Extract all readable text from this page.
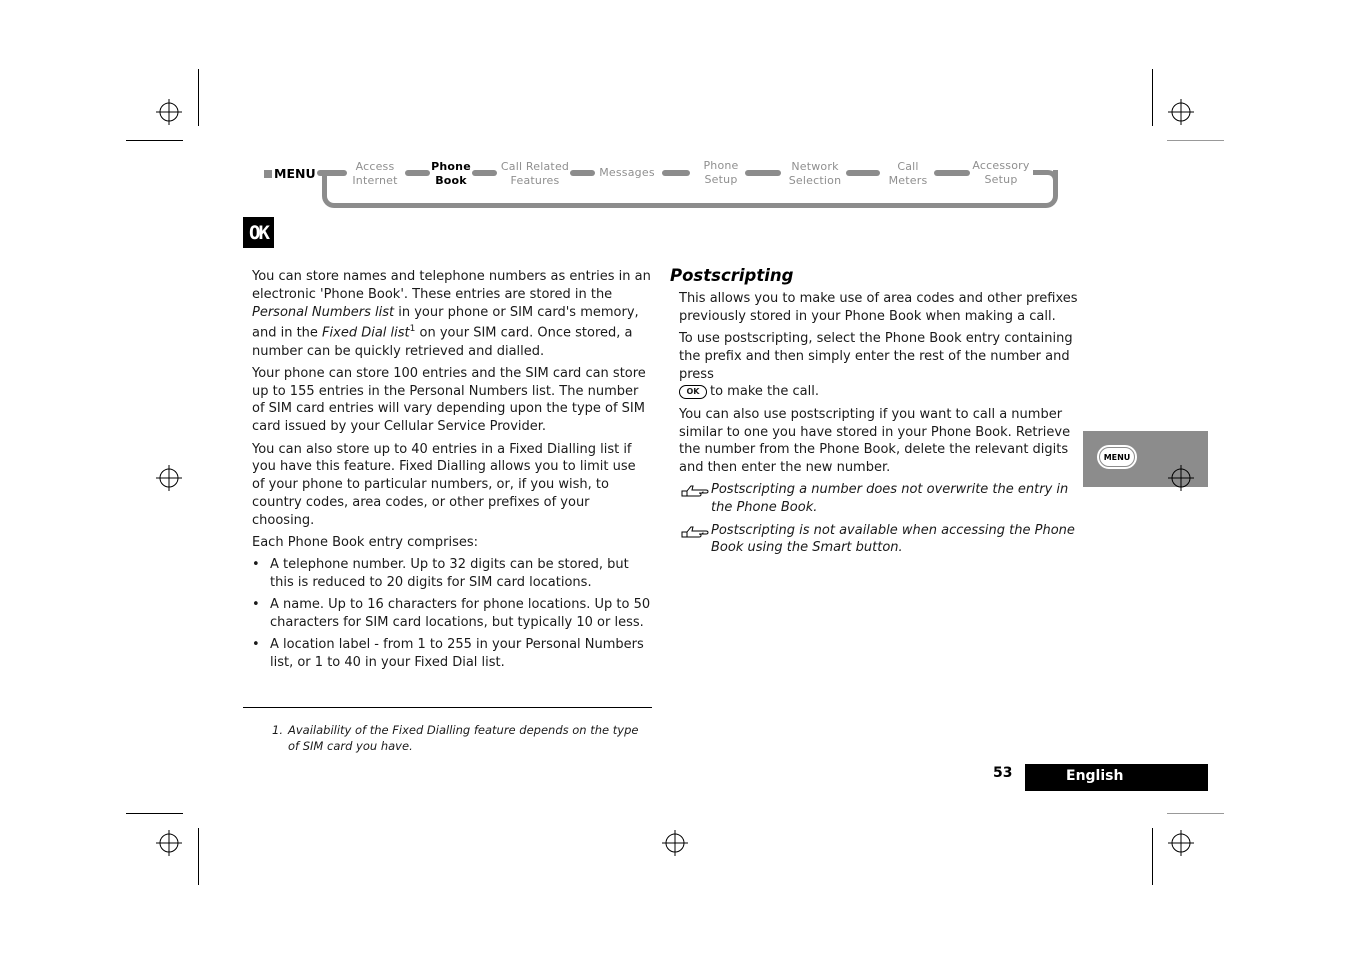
MENU	Access
Internet
Phone
Book
Call Related
Features
Messages
Phone
Setup
Network
Selection
Call
Meters
Accessory
Setup
OK

You can store names and telephone numbers as entries in an electronic 'Phone Book'. These entries are stored in the Personal Numbers list in your phone or SIM card's memory, and in the Fixed Dial list$^1$ on your SIM card. Once stored, a number can be quickly retrieved and dialled.

Your phone can store 100 entries and the SIM card can store up to 155 entries in the Personal Numbers list. The number of SIM card entries will vary depending upon the type of SIM card issued by your Cellular Service Provider.

You can also store up to 40 entries in a Fixed Dialling list if you have this feature. Fixed Dialling allows you to limit use of your phone to particular numbers, or, if you wish, to country codes, area codes, or other prefixes of your choosing.

Each Phone Book entry comprises:

• A telephone number. Up to 32 digits can be stored, but this is reduced to 20 digits for SIM card locations.
• A name. Up to 16 characters for phone locations. Up to 50 characters for SIM card locations, but typically 10 or less.
• A location label - from 1 to 255 in your Personal Numbers list, or 1 to 40 in your Fixed Dial list.
1. Availability of the Fixed Dialling feature depends on the type of SIM card you have.
Postscripting

This allows you to make use of area codes and other prefixes previously stored in your Phone Book when making a call.

To use postscripting, select the Phone Book entry containing the prefix and then simply enter the rest of the number and press
OK to make the call.

You can also use postscripting if you want to call a number similar to one you have stored in your Phone Book. Retrieve the number from the Phone Book, delete the relevant digits and then enter the new number.

Postscripting a number does not overwrite the entry in the Phone Book.
Postscripting is not available when accessing the Phone Book using the Smart button.
MENU
53	English
